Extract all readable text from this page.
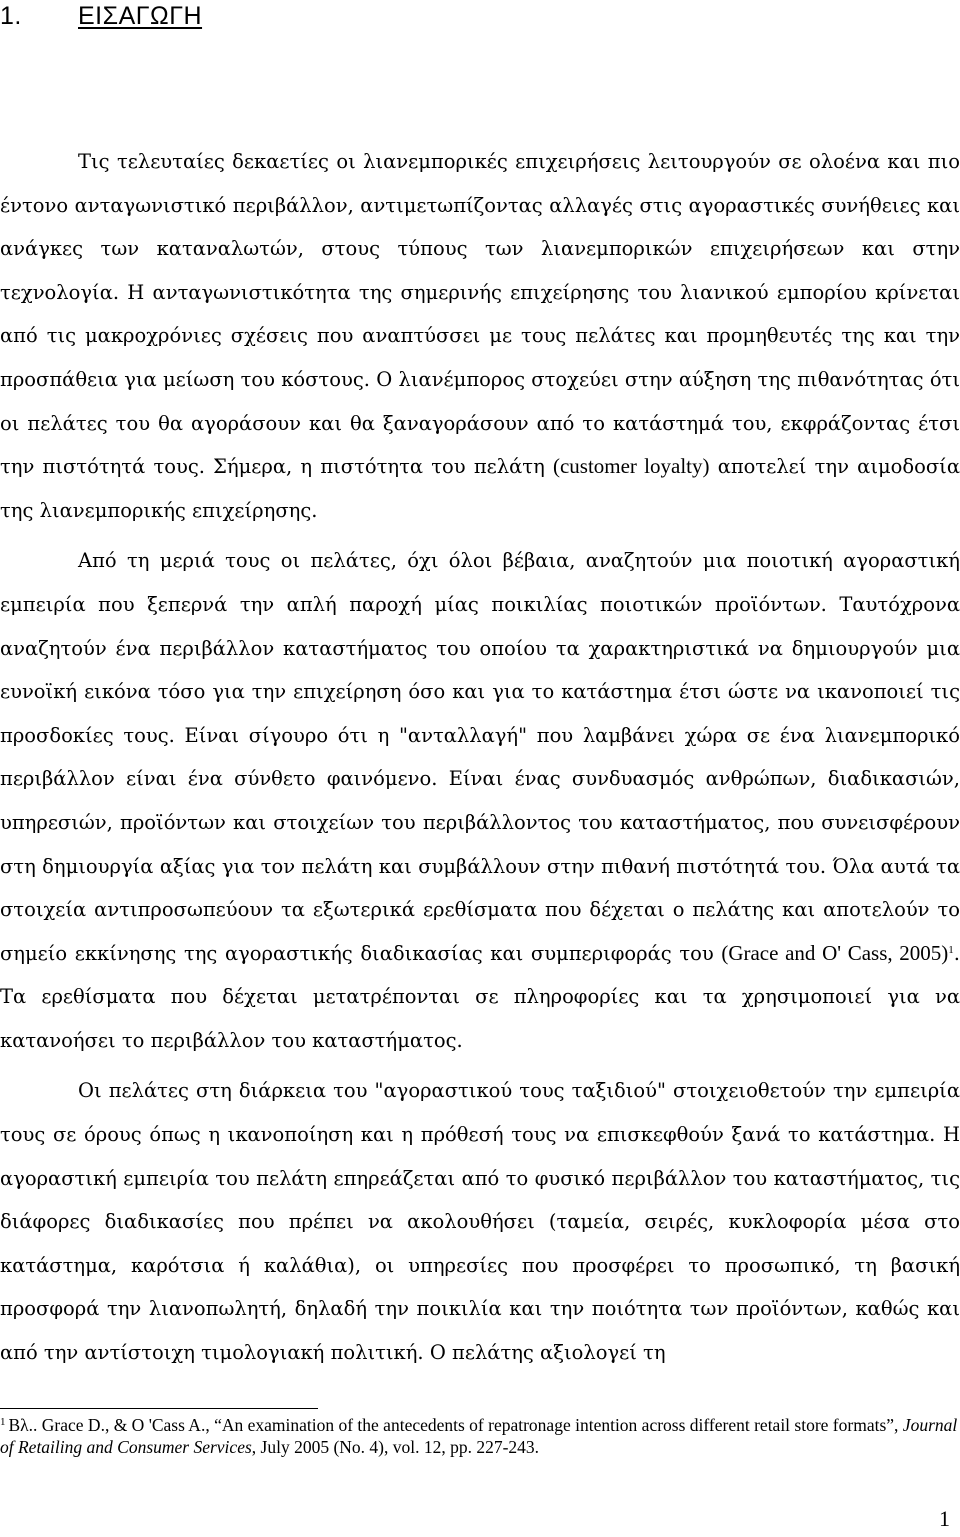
1. ΕΙΣΑΓΩΓΗ

Τις τελευταίες δεκαετίες οι λιανεμπορικές επιχειρήσεις λειτουργούν σε ολοένα και πιο έντονο ανταγωνιστικό περιβάλλον, αντιμετωπίζοντας αλλαγές στις αγοραστικές συνήθειες και ανάγκες των καταναλωτών, στους τύπους των λιανεμπορικών επιχειρήσεων και στην τεχνολογία. Η ανταγωνιστικότητα της σημερινής επιχείρησης του λιανικού εμπορίου κρίνεται από τις μακροχρόνιες σχέσεις που αναπτύσσει με τους πελάτες και προμηθευτές της και την προσπάθεια για μείωση του κόστους. Ο λιανέμπορος στοχεύει στην αύξηση της πιθανότητας ότι οι πελάτες του θα αγοράσουν και θα ξαναγοράσουν από το κατάστημά του, εκφράζοντας έτσι την πιστότητά τους. Σήμερα, η πιστότητα του πελάτη (customer loyalty) αποτελεί την αιμοδοσία της λιανεμπορικής επιχείρησης.

Από τη μεριά τους οι πελάτες, όχι όλοι βέβαια, αναζητούν μια ποιοτική αγοραστική εμπειρία που ξεπερνά την απλή παροχή μίας ποικιλίας ποιοτικών προϊόντων. Ταυτόχρονα αναζητούν ένα περιβάλλον καταστήματος του οποίου τα χαρακτηριστικά να δημιουργούν μια ευνοϊκή εικόνα τόσο για την επιχείρηση όσο και για το κατάστημα έτσι ώστε να ικανοποιεί τις προσδοκίες τους. Είναι σίγουρο ότι η "ανταλλαγή" που λαμβάνει χώρα σε ένα λιανεμπορικό περιβάλλον είναι ένα σύνθετο φαινόμενο. Είναι ένας συνδυασμός ανθρώπων, διαδικασιών, υπηρεσιών, προϊόντων και στοιχείων του περιβάλλοντος του καταστήματος, που συνεισφέρουν στη δημιουργία αξίας για τον πελάτη και συμβάλλουν στην πιθανή πιστότητά του. Όλα αυτά τα στοιχεία αντιπροσωπεύουν τα εξωτερικά ερεθίσματα που δέχεται ο πελάτης και αποτελούν το σημείο εκκίνησης της αγοραστικής διαδικασίας και συμπεριφοράς του (Grace and O' Cass, 2005)$^1$. Τα ερεθίσματα που δέχεται μετατρέπονται σε πληροφορίες και τα χρησιμοποιεί για να κατανοήσει το περιβάλλον του καταστήματος.

Οι πελάτες στη διάρκεια του "αγοραστικού τους ταξιδιού" στοιχειοθετούν την εμπειρία τους σε όρους όπως η ικανοποίηση και η πρόθεσή τους να επισκεφθούν ξανά το κατάστημα. Η αγοραστική εμπειρία του πελάτη επηρεάζεται από το φυσικό περιβάλλον του καταστήματος, τις διάφορες διαδικασίες που πρέπει να ακολουθήσει (ταμεία, σειρές, κυκλοφορία μέσα στο κατάστημα, καρότσια ή καλάθια), οι υπηρεσίες που προσφέρει το προσωπικό, τη βασική προσφορά την λιανοπωλητή, δηλαδή την ποικιλία και την ποιότητα των προϊόντων, καθώς και από την αντίστοιχη τιμολογιακή πολιτική. Ο πελάτης αξιολογεί τη

$^1$ Βλ.. Grace D., & O 'Cass A., “An examination of the antecedents of repatronage intention across different retail store formats”, Journal of Retailing and Consumer Services, July 2005 (No. 4), vol. 12, pp. 227-243.

1
